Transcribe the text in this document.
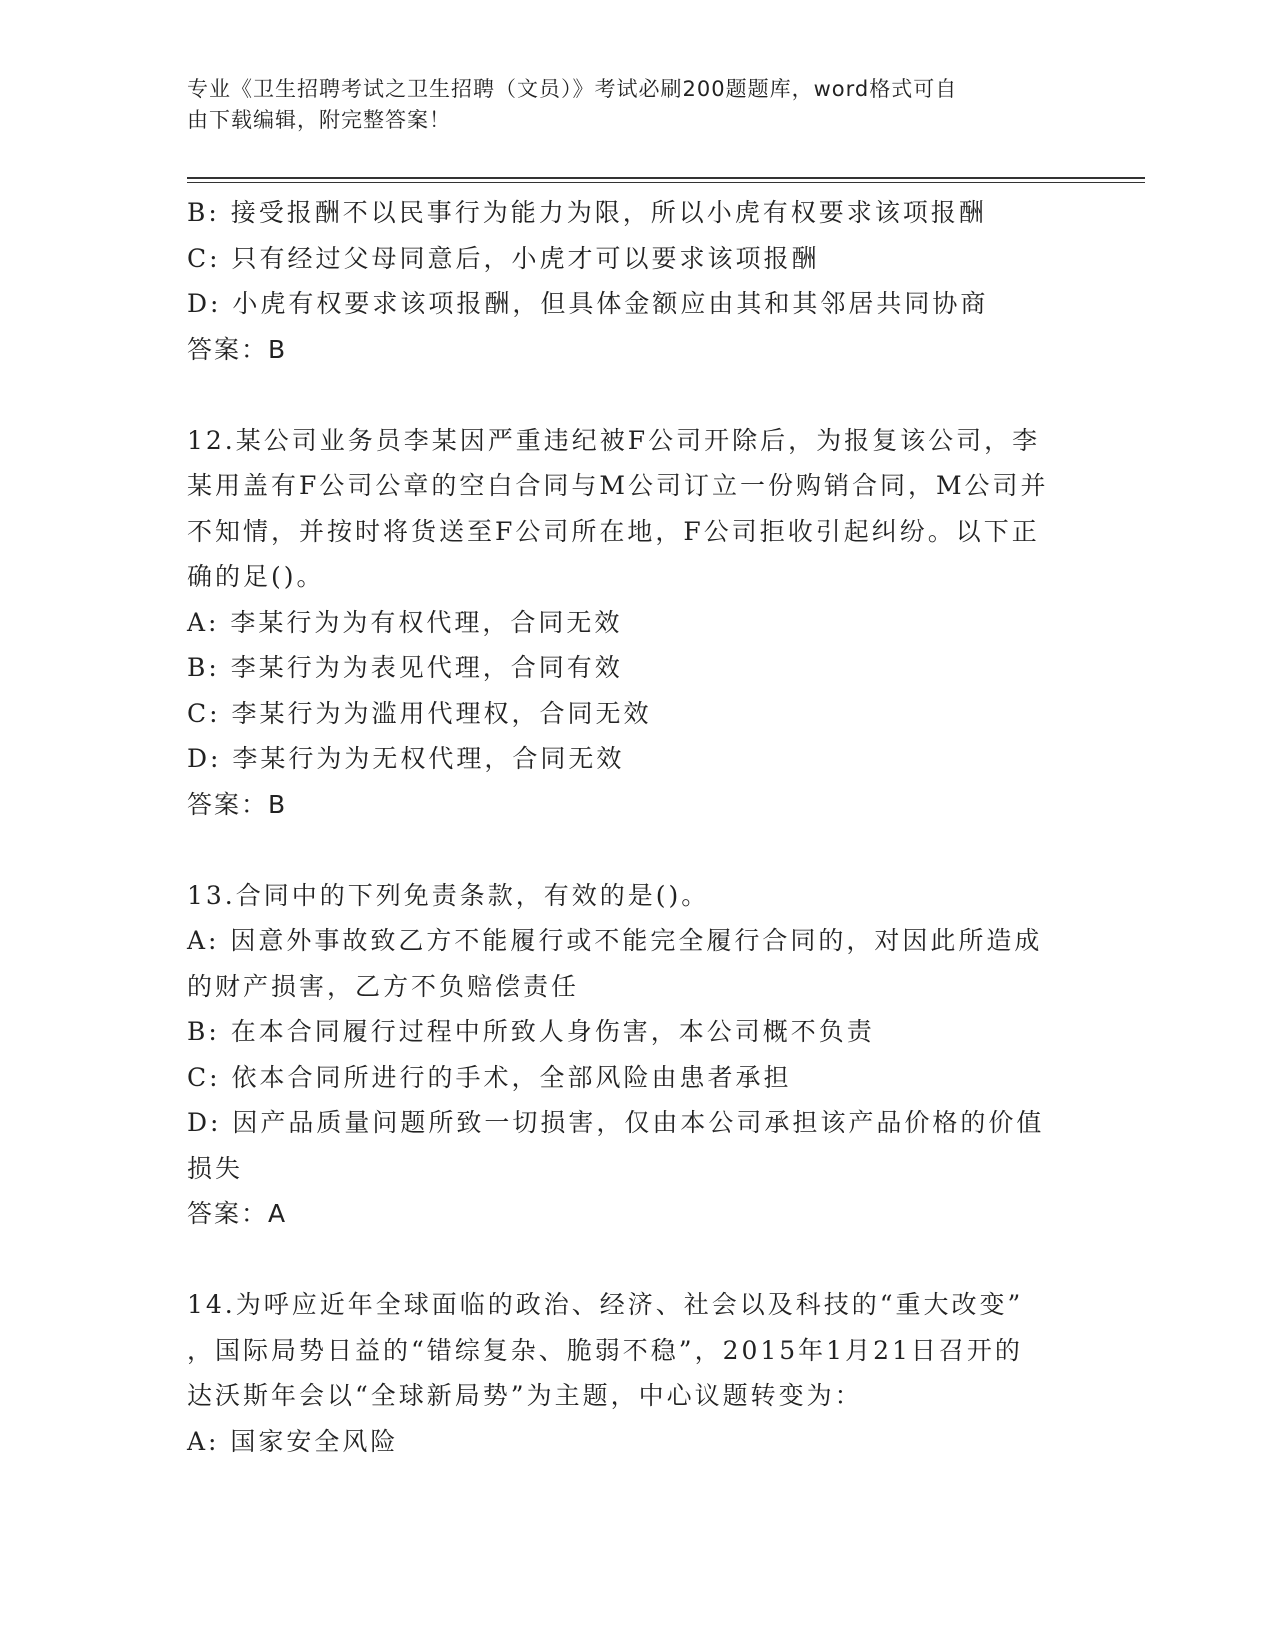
专业《卫生招聘考试之卫生招聘（文员）》考试必刷200题题库，word格式可自
由下载编辑，附完整答案！
B: 接受报酬不以民事行为能力为限，所以小虎有权要求该项报酬
C: 只有经过父母同意后，小虎才可以要求该项报酬
D: 小虎有权要求该项报酬，但具体金额应由其和其邻居共同协商
答案：B
12.某公司业务员李某因严重违纪被F公司开除后，为报复该公司，李
某用盖有F公司公章的空白合同与M公司订立一份购销合同，M公司并
不知情，并按时将货送至F公司所在地，F公司拒收引起纠纷。以下正
确的足()。
A: 李某行为为有权代理，合同无效
B: 李某行为为表见代理，合同有效
C: 李某行为为滥用代理权，合同无效
D: 李某行为为无权代理，合同无效
答案：B
13.合同中的下列免责条款，有效的是()。
A: 因意外事故致乙方不能履行或不能完全履行合同的，对因此所造成
的财产损害，乙方不负赔偿责任
B: 在本合同履行过程中所致人身伤害，本公司概不负责
C: 依本合同所进行的手术，全部风险由患者承担
D: 因产品质量问题所致一切损害，仅由本公司承担该产品价格的价值
损失
答案：A
14.为呼应近年全球面临的政治、经济、社会以及科技的“重大改变”
，国际局势日益的“错综复杂、脆弱不稳”，2015年1月21日召开的
达沃斯年会以“全球新局势”为主题，中心议题转变为：
A: 国家安全风险
